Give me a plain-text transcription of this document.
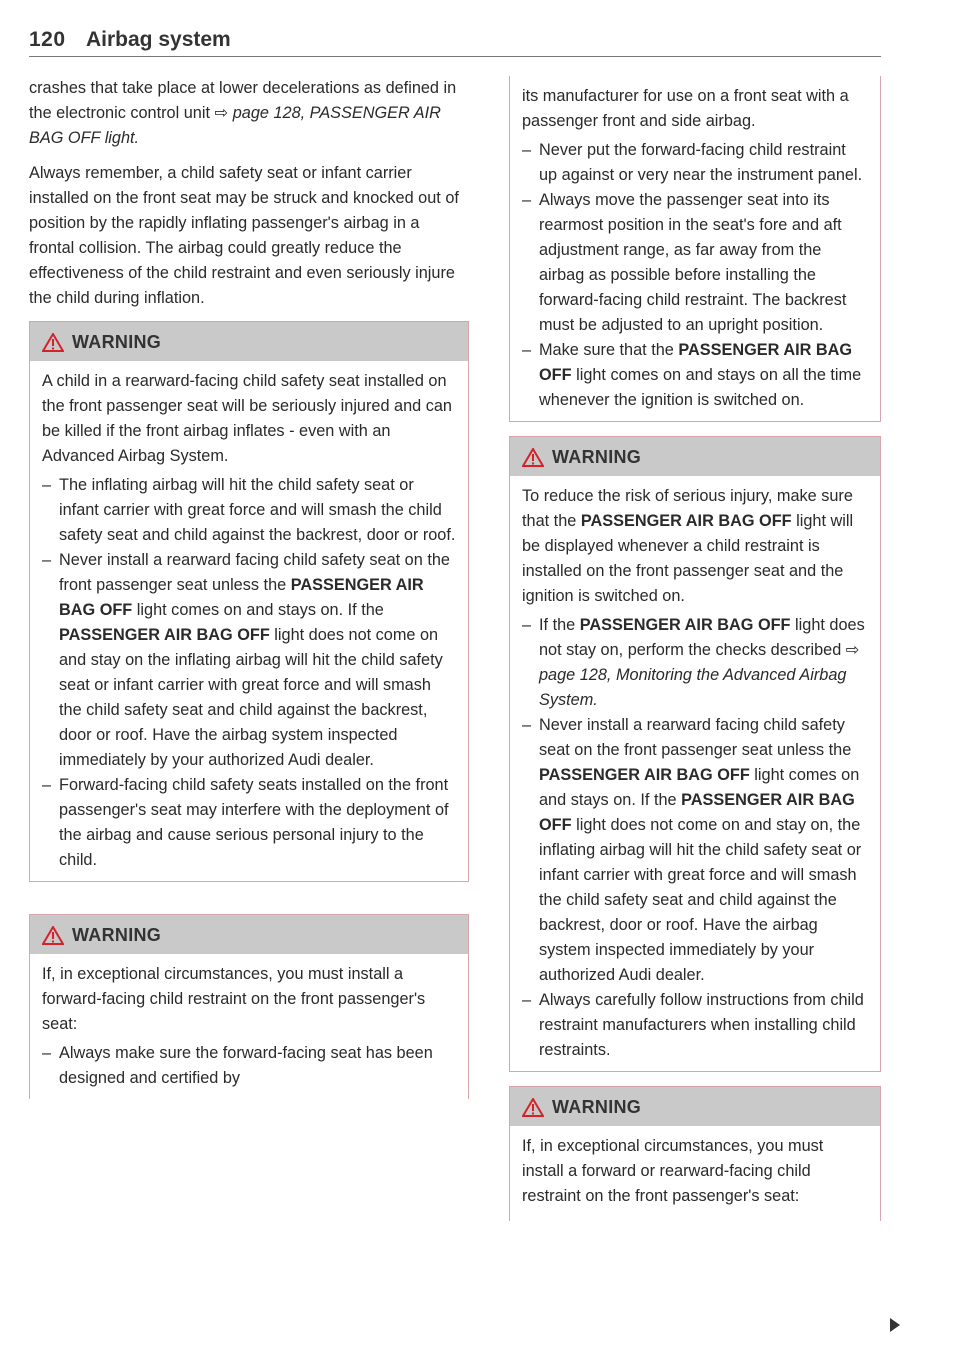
120 Airbag system

crashes that take place at lower decelerations as defined in the electronic control unit ⇨ page 128, PASSENGER AIR BAG OFF light.

Always remember, a child safety seat or infant carrier installed on the front seat may be struck and knocked out of position by the rapidly inflating passenger's airbag in a frontal collision. The airbag could greatly reduce the effectiveness of the child restraint and even seriously injure the child during inflation.

WARNING

A child in a rearward-facing child safety seat installed on the front passenger seat will be seriously injured and can be killed if the front airbag inflates - even with an Advanced Airbag System.

– The inflating airbag will hit the child safety seat or infant carrier with great force and will smash the child safety seat and child against the backrest, door or roof.
– Never install a rearward facing child safety seat on the front passenger seat unless the PASSENGER AIR BAG OFF light comes on and stays on. If the PASSENGER AIR BAG OFF light does not come on and stay on the inflating airbag will hit the child safety seat or infant carrier with great force and will smash the child safety seat and child against the backrest, door or roof. Have the airbag system inspected immediately by your authorized Audi dealer.
– Forward-facing child safety seats installed on the front passenger's seat may interfere with the deployment of the airbag and cause serious personal injury to the child.
WARNING

If, in exceptional circumstances, you must install a forward-facing child restraint on the front passenger's seat:

– Always make sure the forward-facing seat has been designed and certified by

its manufacturer for use on a front seat with a passenger front and side airbag.

– Never put the forward-facing child restraint up against or very near the instrument panel.
– Always move the passenger seat into its rearmost position in the seat's fore and aft adjustment range, as far away from the airbag as possible before installing the forward-facing child restraint. The backrest must be adjusted to an upright position.
– Make sure that the PASSENGER AIR BAG OFF light comes on and stays on all the time whenever the ignition is switched on.
WARNING

To reduce the risk of serious injury, make sure that the PASSENGER AIR BAG OFF light will be displayed whenever a child restraint is installed on the front passenger seat and the ignition is switched on.

– If the PASSENGER AIR BAG OFF light does not stay on, perform the checks described ⇨ page 128, Monitoring the Advanced Airbag System.
– Never install a rearward facing child safety seat on the front passenger seat unless the PASSENGER AIR BAG OFF light comes on and stays on. If the PASSENGER AIR BAG OFF light does not come on and stay on, the inflating airbag will hit the child safety seat or infant carrier with great force and will smash the child safety seat and child against the backrest, door or roof. Have the airbag system inspected immediately by your authorized Audi dealer.
– Always carefully follow instructions from child restraint manufacturers when installing child restraints.
WARNING

If, in exceptional circumstances, you must install a forward or rearward-facing child restraint on the front passenger's seat:
